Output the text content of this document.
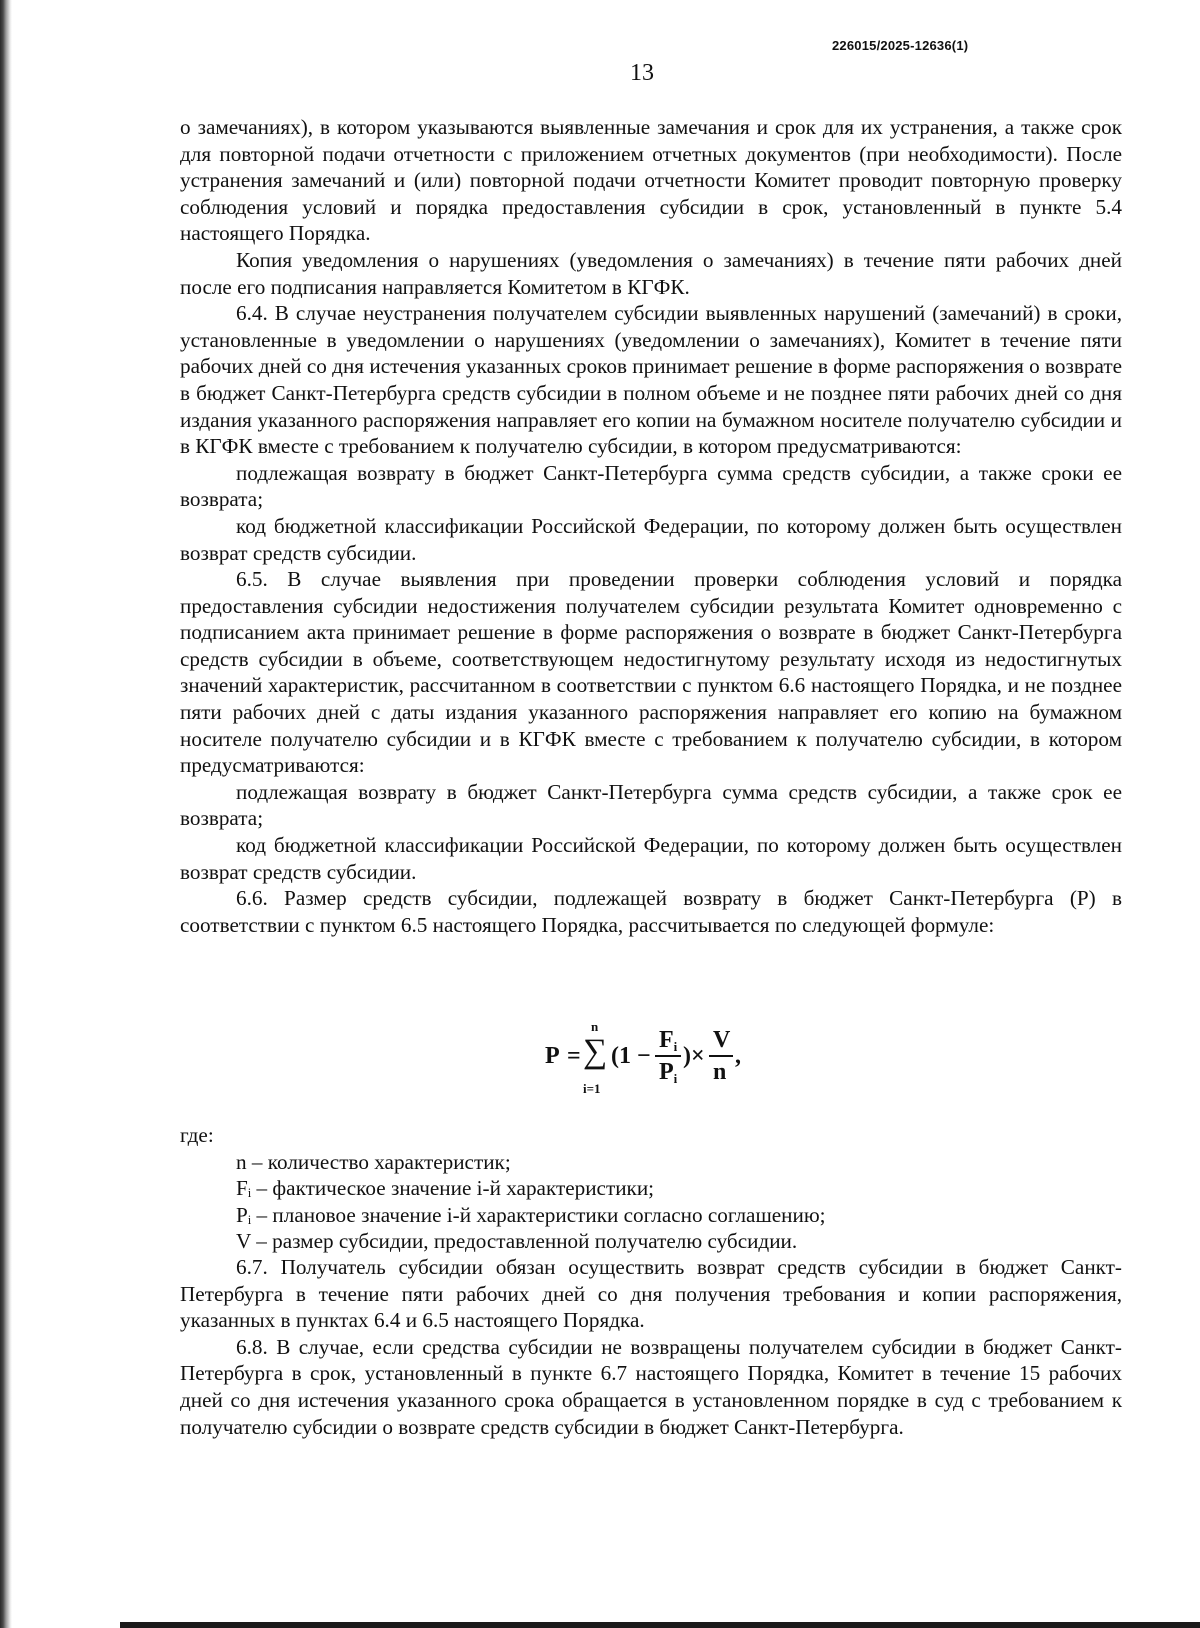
226015/2025-12636(1)
13

о замечаниях), в котором указываются выявленные замечания и срок для их устранения, а также срок для повторной подачи отчетности с приложением отчетных документов (при необходимости). После устранения замечаний и (или) повторной подачи отчетности Комитет проводит повторную проверку соблюдения условий и порядка предоставления субсидии в срок, установленный в пункте 5.4 настоящего Порядка.

Копия уведомления о нарушениях (уведомления о замечаниях) в течение пяти рабочих дней после его подписания направляется Комитетом в КГФК.

6.4. В случае неустранения получателем субсидии выявленных нарушений (замечаний) в сроки, установленные в уведомлении о нарушениях (уведомлении о замечаниях), Комитет в течение пяти рабочих дней со дня истечения указанных сроков принимает решение в форме распоряжения о возврате в бюджет Санкт-Петербурга средств субсидии в полном объеме и не позднее пяти рабочих дней со дня издания указанного распоряжения направляет его копии на бумажном носителе получателю субсидии и в КГФК вместе с требованием к получателю субсидии, в котором предусматриваются:

подлежащая возврату в бюджет Санкт-Петербурга сумма средств субсидии, а также сроки ее возврата;

код бюджетной классификации Российской Федерации, по которому должен быть осуществлен возврат средств субсидии.

6.5. В случае выявления при проведении проверки соблюдения условий и порядка предоставления субсидии недостижения получателем субсидии результата Комитет одновременно с подписанием акта принимает решение в форме распоряжения о возврате в бюджет Санкт-Петербурга средств субсидии в объеме, соответствующем недостигнутому результату исходя из недостигнутых значений характеристик, рассчитанном в соответствии с пунктом 6.6 настоящего Порядка, и не позднее пяти рабочих дней с даты издания указанного распоряжения направляет его копию на бумажном носителе получателю субсидии и в КГФК вместе с требованием к получателю субсидии, в котором предусматриваются:

подлежащая возврату в бюджет Санкт-Петербурга сумма средств субсидии, а также срок ее возврата;

код бюджетной классификации Российской Федерации, по которому должен быть осуществлен возврат средств субсидии.

6.6. Размер средств субсидии, подлежащей возврату в бюджет Санкт-Петербурга (P) в соответствии с пунктом 6.5 настоящего Порядка, рассчитывается по следующей формуле:

P =
n
∑
i=1
(1 −
$F_i$
$P_i$
)×
V
n
,

где:

n – количество характеристик;

Fᵢ – фактическое значение i-й характеристики;

Pᵢ – плановое значение i-й характеристики согласно соглашению;

V – размер субсидии, предоставленной получателю субсидии.

6.7. Получатель субсидии обязан осуществить возврат средств субсидии в бюджет Санкт-Петербурга в течение пяти рабочих дней со дня получения требования и копии распоряжения, указанных в пунктах 6.4 и 6.5 настоящего Порядка.

6.8. В случае, если средства субсидии не возвращены получателем субсидии в бюджет Санкт-Петербурга в срок, установленный в пункте 6.7 настоящего Порядка, Комитет в течение 15 рабочих дней со дня истечения указанного срока обращается в установленном порядке в суд с требованием к получателю субсидии о возврате средств субсидии в бюджет Санкт-Петербурга.
